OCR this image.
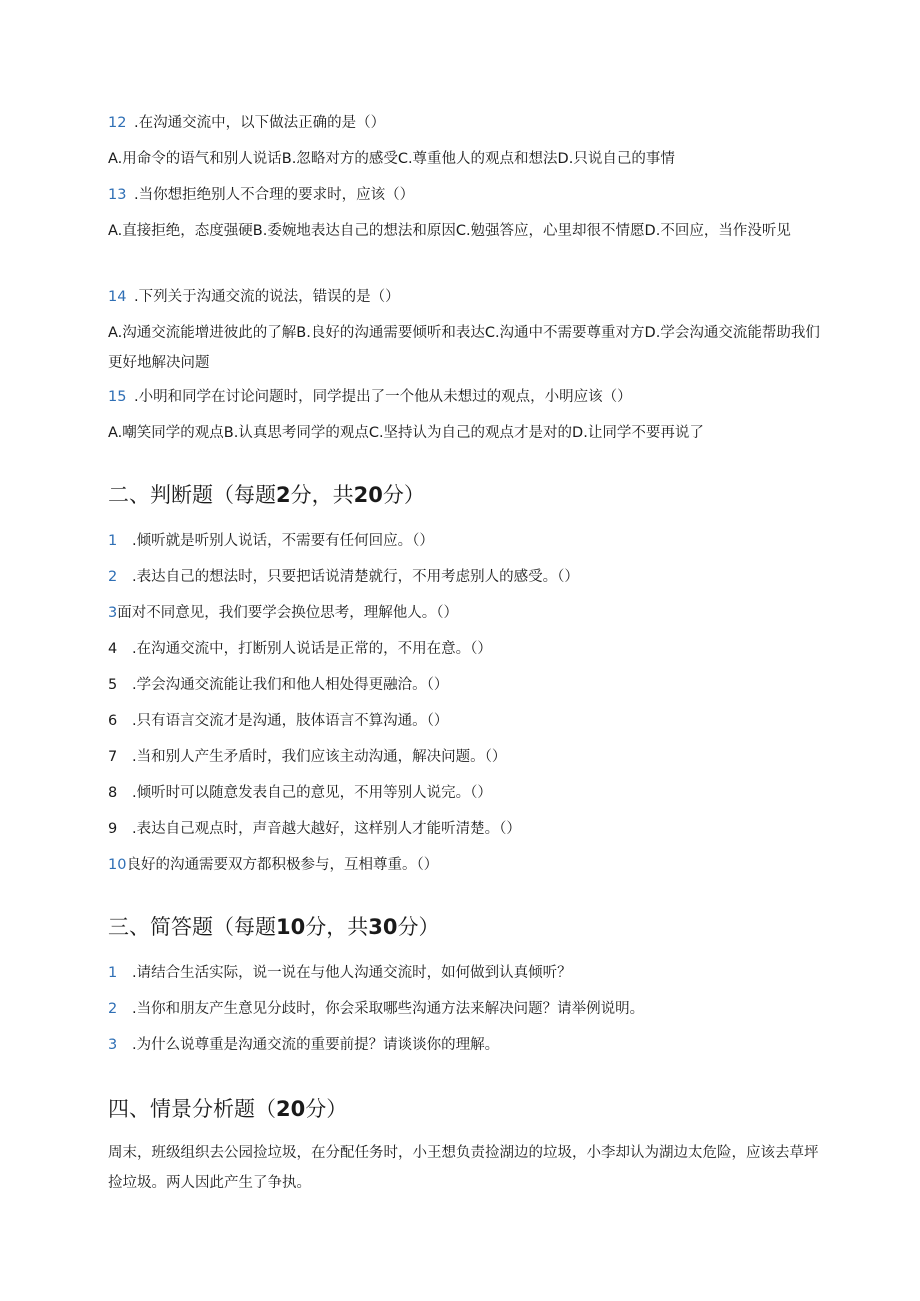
12 .在沟通交流中，以下做法正确的是（）
A.用命令的语气和别人说话B.忽略对方的感受C.尊重他人的观点和想法D.只说自己的事情
13 .当你想拒绝别人不合理的要求时，应该（）
A.直接拒绝，态度强硬B.委婉地表达自己的想法和原因C.勉强答应，心里却很不情愿D.不回应，当作没听见
14 .下列关于沟通交流的说法，错误的是（）
A.沟通交流能增进彼此的了解B.良好的沟通需要倾听和表达C.沟通中不需要尊重对方D.学会沟通交流能帮助我们更好地解决问题
15 .小明和同学在讨论问题时，同学提出了一个他从未想过的观点，小明应该（）
A.嘲笑同学的观点B.认真思考同学的观点C.坚持认为自己的观点才是对的D.让同学不要再说了
二、判断题（每题2分，共20分）
1 .倾听就是听别人说话，不需要有任何回应。（）
2 .表达自己的想法时，只要把话说清楚就行，不用考虑别人的感受。（）
3面对不同意见，我们要学会换位思考，理解他人。（）
4 .在沟通交流中，打断别人说话是正常的，不用在意。（）
5 .学会沟通交流能让我们和他人相处得更融洽。（）
6 .只有语言交流才是沟通，肢体语言不算沟通。（）
7 .当和别人产生矛盾时，我们应该主动沟通，解决问题。（）
8 .倾听时可以随意发表自己的意见，不用等别人说完。（）
9 .表达自己观点时，声音越大越好，这样别人才能听清楚。（）
10良好的沟通需要双方都积极参与，互相尊重。（）
三、简答题（每题10分，共30分）
1 .请结合生活实际，说一说在与他人沟通交流时，如何做到认真倾听？
2 .当你和朋友产生意见分歧时，你会采取哪些沟通方法来解决问题？请举例说明。
3 .为什么说尊重是沟通交流的重要前提？请谈谈你的理解。
四、情景分析题（20分）
周末，班级组织去公园捡垃圾，在分配任务时，小王想负责捡湖边的垃圾，小李却认为湖边太危险，应该去草坪捡垃圾。两人因此产生了争执。
